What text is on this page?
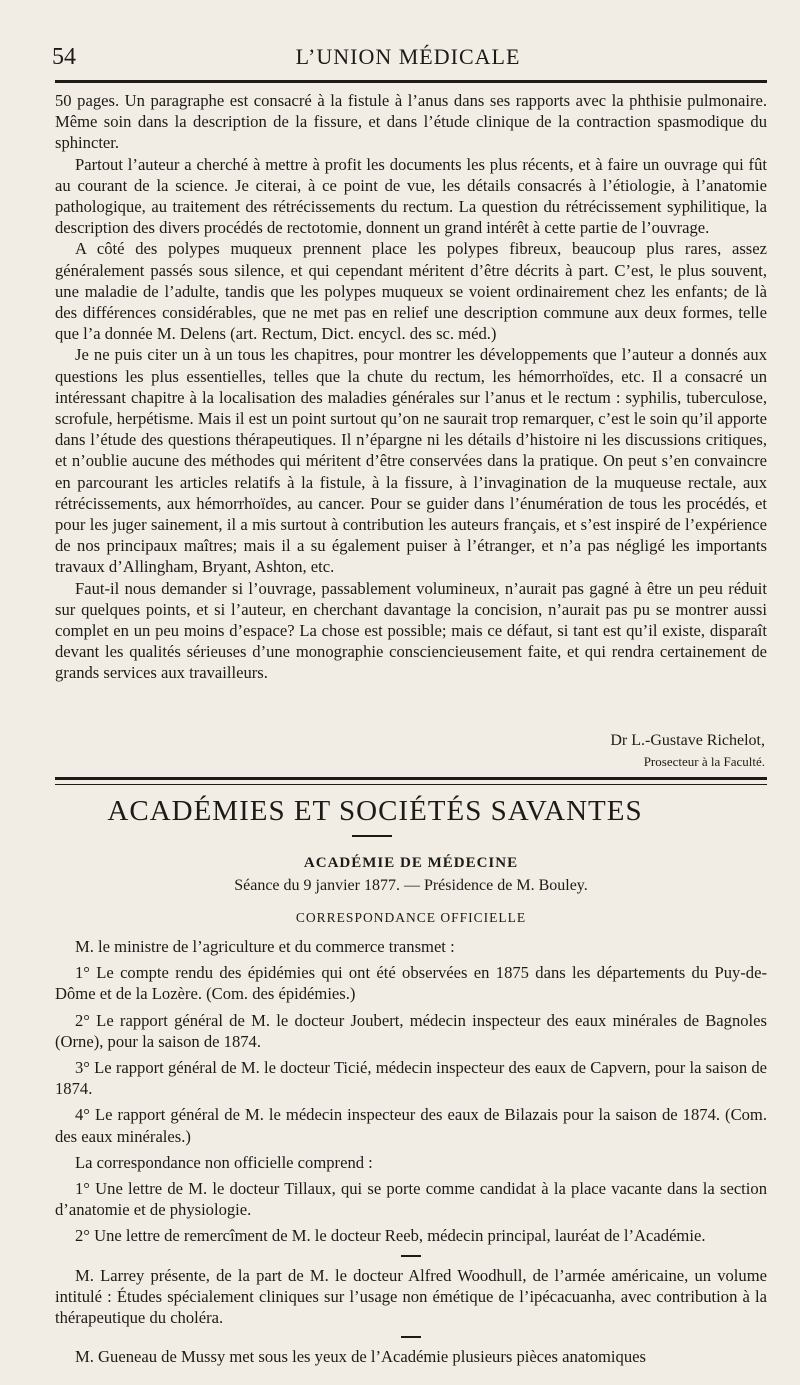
54	L’UNION MÉDICALE

50 pages. Un paragraphe est consacré à la fistule à l’anus dans ses rapports avec la phthisie pulmonaire. Même soin dans la description de la fissure, et dans l’étude clinique de la contraction spasmodique du sphincter.

Partout l’auteur a cherché à mettre à profit les documents les plus récents, et à faire un ouvrage qui fût au courant de la science. Je citerai, à ce point de vue, les détails consacrés à l’étiologie, à l’anatomie pathologique, au traitement des rétrécissements du rectum. La question du rétrécissement syphilitique, la description des divers procédés de rectotomie, donnent un grand intérêt à cette partie de l’ouvrage.

A côté des polypes muqueux prennent place les polypes fibreux, beaucoup plus rares, assez généralement passés sous silence, et qui cependant méritent d’être décrits à part. C’est, le plus souvent, une maladie de l’adulte, tandis que les polypes muqueux se voient ordinairement chez les enfants; de là des différences considérables, que ne met pas en relief une description commune aux deux formes, telle que l’a donnée M. Delens (art. Rectum, Dict. encycl. des sc. méd.)

Je ne puis citer un à un tous les chapitres, pour montrer les développements que l’auteur a donnés aux questions les plus essentielles, telles que la chute du rectum, les hémorrhoïdes, etc. Il a consacré un intéressant chapitre à la localisation des maladies générales sur l’anus et le rectum : syphilis, tuberculose, scrofule, herpétisme. Mais il est un point surtout qu’on ne saurait trop remarquer, c’est le soin qu’il apporte dans l’étude des questions thérapeutiques. Il n’épargne ni les détails d’histoire ni les discussions critiques, et n’oublie aucune des méthodes qui méritent d’être conservées dans la pratique. On peut s’en convaincre en parcourant les articles relatifs à la fistule, à la fissure, à l’invagination de la muqueuse rectale, aux rétrécissements, aux hémorrhoïdes, au cancer. Pour se guider dans l’énumération de tous les procédés, et pour les juger sainement, il a mis surtout à contribution les auteurs français, et s’est inspiré de l’expérience de nos principaux maîtres; mais il a su également puiser à l’étranger, et n’a pas négligé les importants travaux d’Allingham, Bryant, Ashton, etc.

Faut-il nous demander si l’ouvrage, passablement volumineux, n’aurait pas gagné à être un peu réduit sur quelques points, et si l’auteur, en cherchant davantage la concision, n’aurait pas pu se montrer aussi complet en un peu moins d’espace? La chose est possible; mais ce défaut, si tant est qu’il existe, disparaît devant les qualités sérieuses d’une monographie consciencieusement faite, et qui rendra certainement de grands services aux travailleurs.

Dr L.-Gustave Richelot,
Prosecteur à la Faculté.
ACADÉMIES ET SOCIÉTÉS SAVANTES
ACADÉMIE DE MÉDECINE
Séance du 9 janvier 1877. — Présidence de M. Bouley.
CORRESPONDANCE OFFICIELLE

M. le ministre de l’agriculture et du commerce transmet :

1° Le compte rendu des épidémies qui ont été observées en 1875 dans les départements du Puy-de-Dôme et de la Lozère. (Com. des épidémies.)

2° Le rapport général de M. le docteur Joubert, médecin inspecteur des eaux minérales de Bagnoles (Orne), pour la saison de 1874.

3° Le rapport général de M. le docteur Ticié, médecin inspecteur des eaux de Capvern, pour la saison de 1874.

4° Le rapport général de M. le médecin inspecteur des eaux de Bilazais pour la saison de 1874. (Com. des eaux minérales.)

La correspondance non officielle comprend :

1° Une lettre de M. le docteur Tillaux, qui se porte comme candidat à la place vacante dans la section d’anatomie et de physiologie.

2° Une lettre de remercîment de M. le docteur Reeb, médecin principal, lauréat de l’Académie.

M. Larrey présente, de la part de M. le docteur Alfred Woodhull, de l’armée américaine, un volume intitulé : Études spécialement cliniques sur l’usage non émétique de l’ipécacuanha, avec contribution à la thérapeutique du choléra.

M. Gueneau de Mussy met sous les yeux de l’Académie plusieurs pièces anatomiques
